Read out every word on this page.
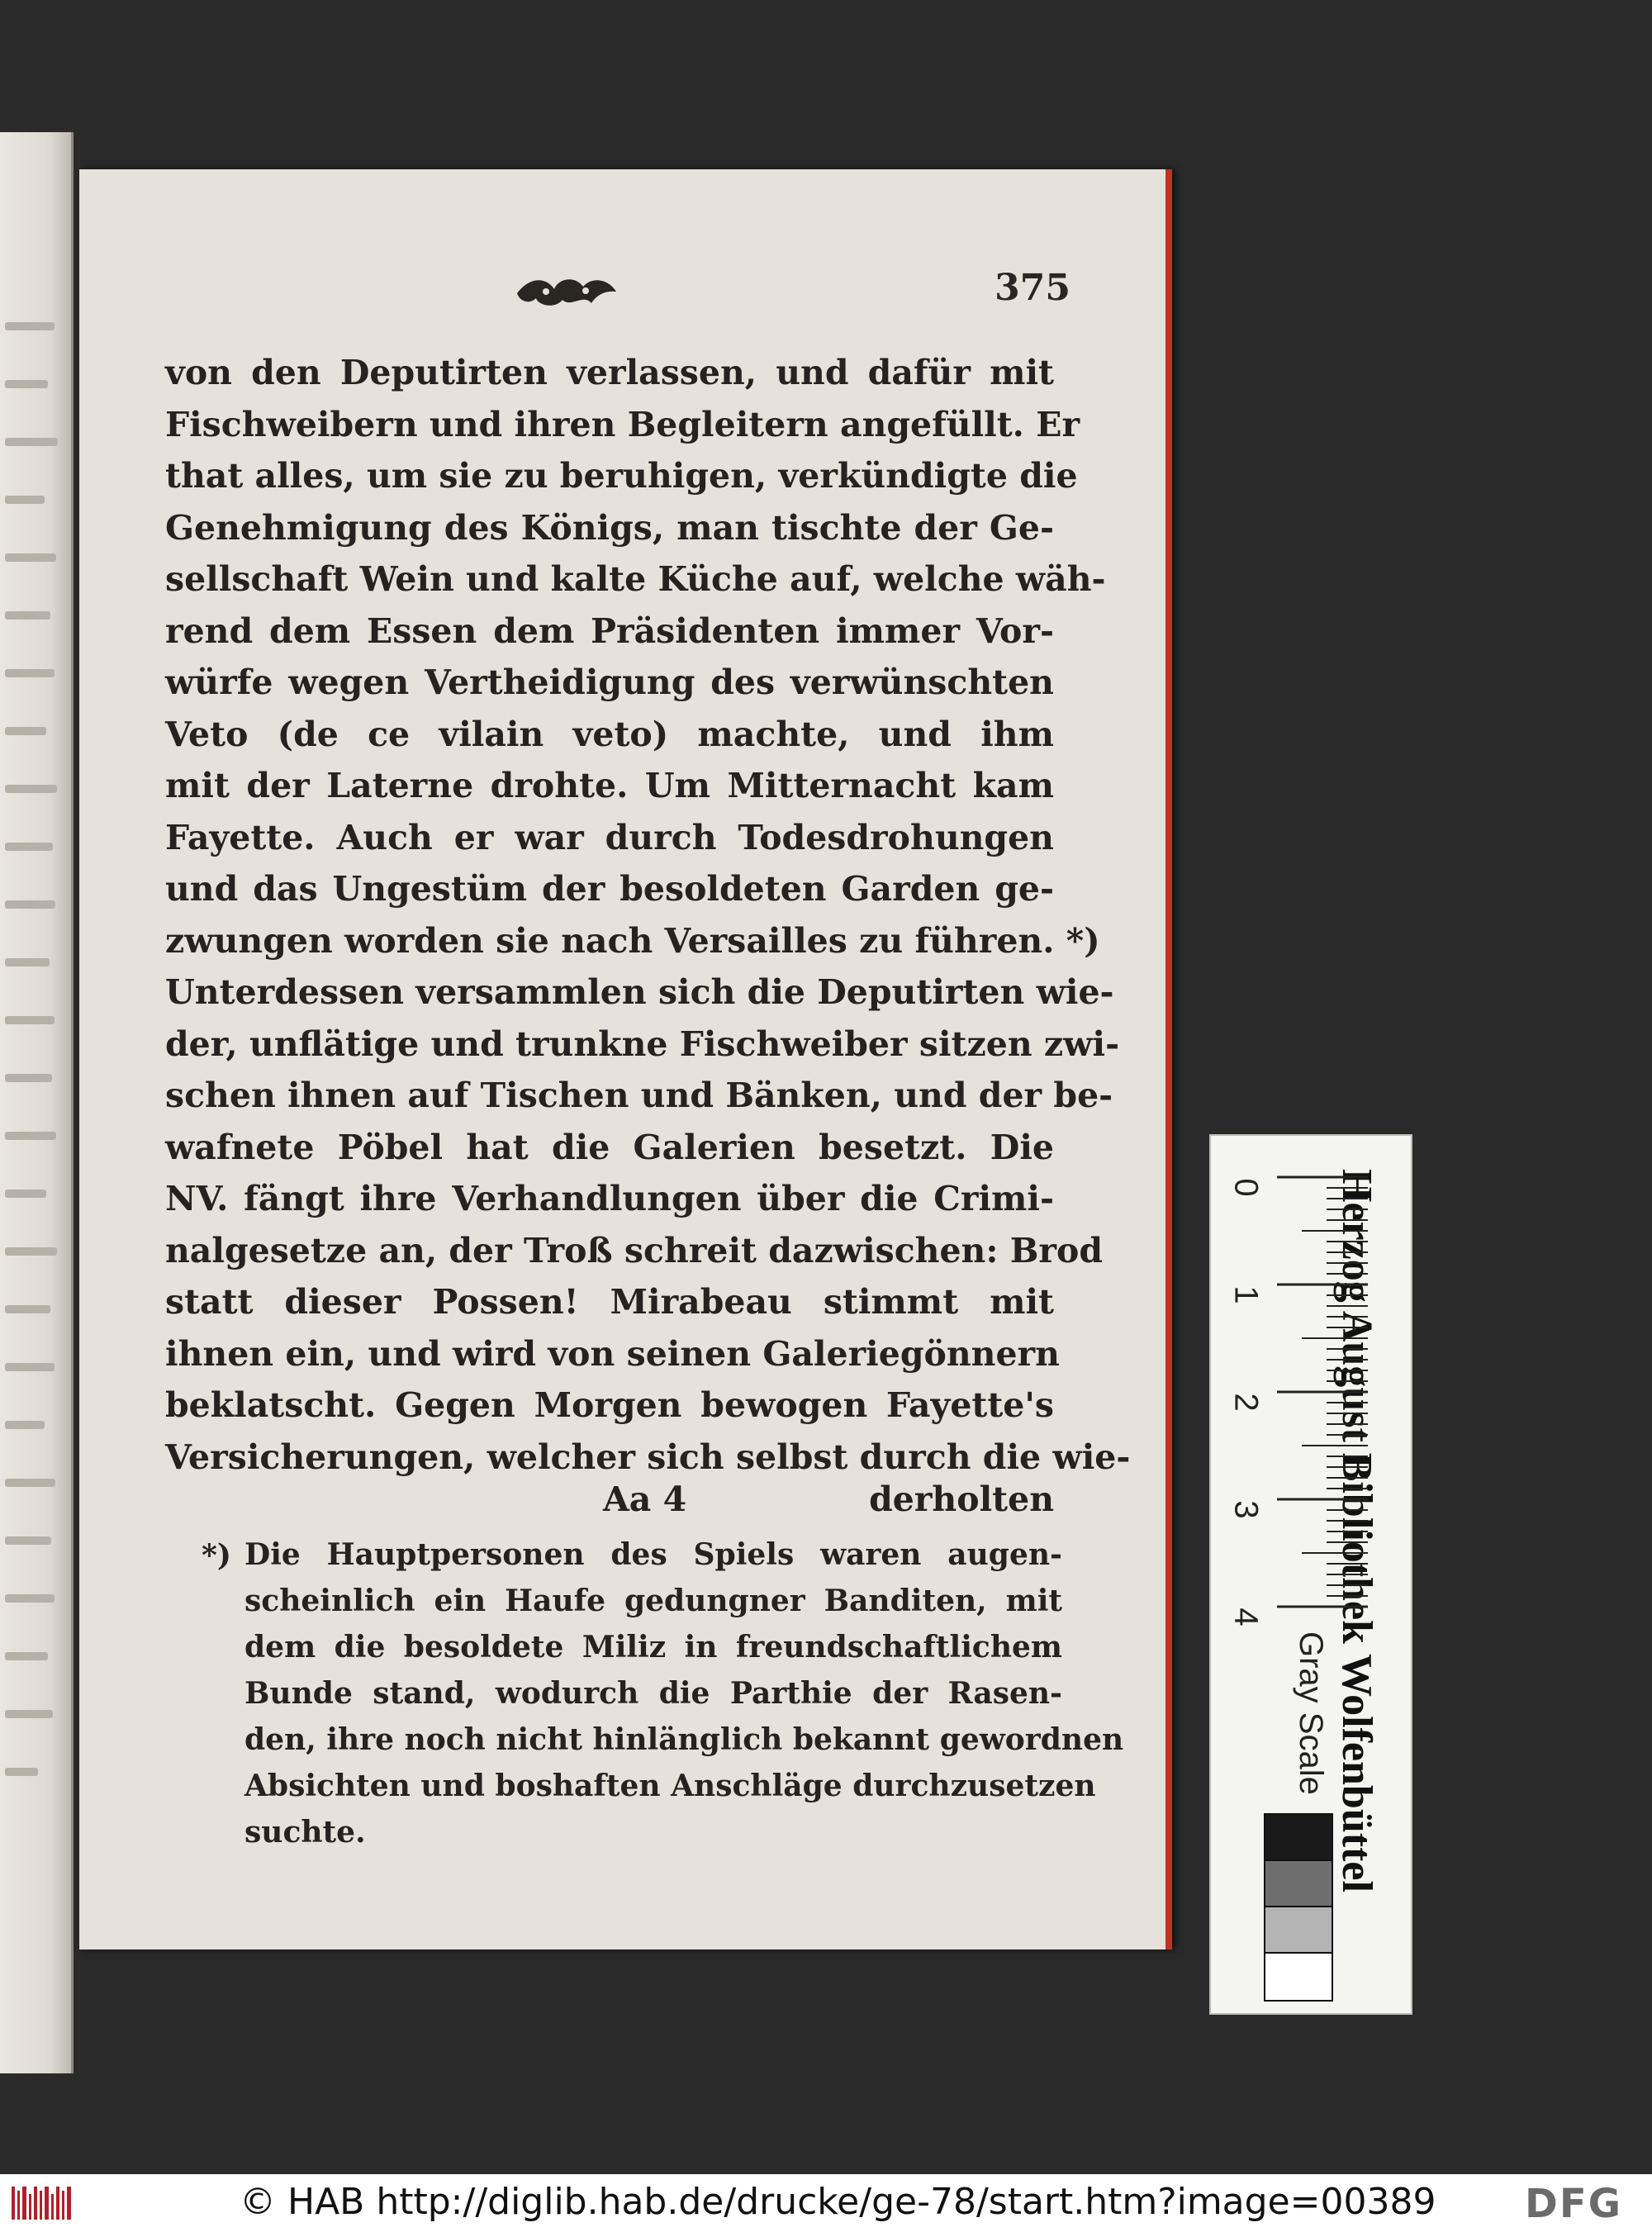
375
von den Deputirten verlassen, und dafür mit
Fischweibern und ihren Begleitern angefüllt. Er
that alles, um sie zu beruhigen, verkündigte die
Genehmigung des Königs, man tischte der Ge-
sellschaft Wein und kalte Küche auf, welche wäh-
rend dem Essen dem Präsidenten immer Vor-
würfe wegen Vertheidigung des verwünschten
Veto (de ce vilain veto) machte, und ihm
mit der Laterne drohte. Um Mitternacht kam
Fayette. Auch er war durch Todesdrohungen
und das Ungestüm der besoldeten Garden ge-
zwungen worden sie nach Versailles zu führen. *)
Unterdessen versammlen sich die Deputirten wie-
der, unflätige und trunkne Fischweiber sitzen zwi-
schen ihnen auf Tischen und Bänken, und der be-
wafnete Pöbel hat die Galerien besetzt. Die
NV. fängt ihre Verhandlungen über die Crimi-
nalgesetze an, der Troß schreit dazwischen: Brod
statt dieser Possen! Mirabeau stimmt mit
ihnen ein, und wird von seinen Galeriegönnern
beklatscht. Gegen Morgen bewogen Fayette's
Versicherungen, welcher sich selbst durch die wie-
Aa 4	derholten
*) Die Hauptpersonen des Spiels waren augen-
scheinlich ein Haufe gedungner Banditen, mit
dem die besoldete Miliz in freundschaftlichem
Bunde stand, wodurch die Parthie der Rasen-
den, ihre noch nicht hinlänglich bekannt gewordnen
Absichten und boshaften Anschläge durchzusetzen
suchte.	Herzog August Bibliothek Wolfenbüttel
0
1
2
3
4
Gray Scale
© HAB http://diglib.hab.de/drucke/ge-78/start.htm?image=00389 DFG
